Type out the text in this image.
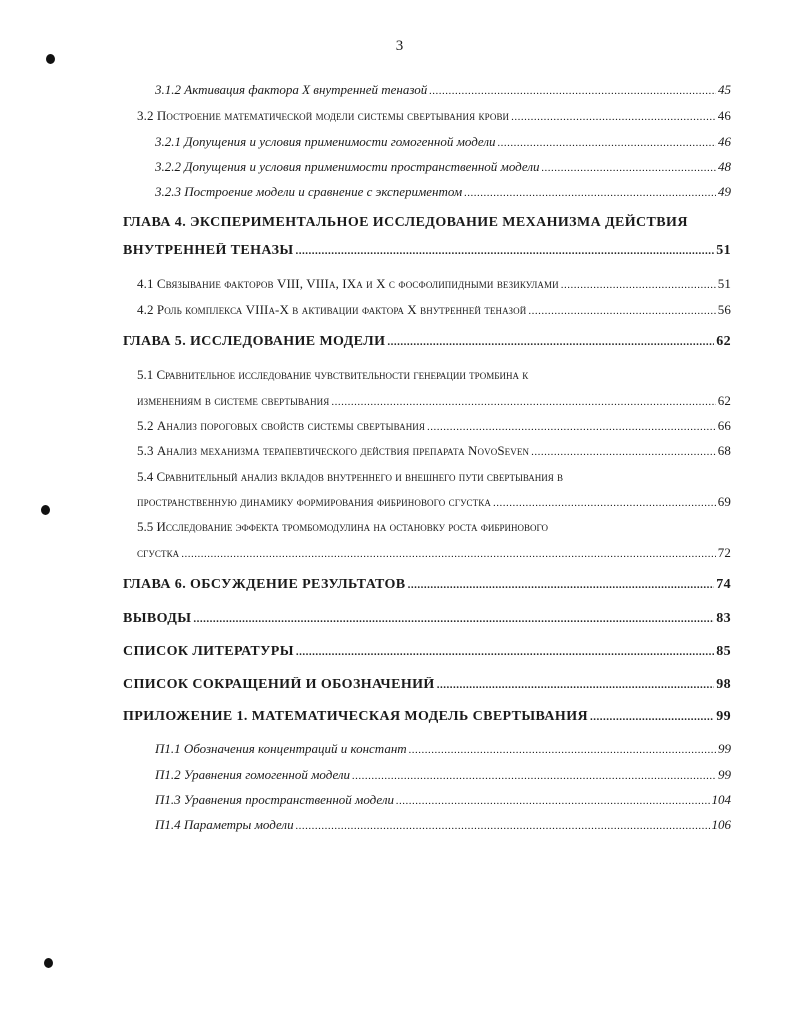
3
3.1.2 Активация фактора X внутренней теназой .....	45
3.2 Построение математической модели системы свертывания крови .....	46
3.2.1 Допущения и условия применимости гомогенной модели .....	46
3.2.2 Допущения и условия применимости пространственной модели .....	48
3.2.3 Построение модели и сравнение с экспериментом .....	49
ГЛАВА 4. ЭКСПЕРИМЕНТАЛЬНОЕ ИССЛЕДОВАНИЕ МЕХАНИЗМА ДЕЙСТВИЯ
ВНУТРЕННЕЙ ТЕНАЗЫ .....	51
4.1 Связывание факторов VIII, VIIIa, IXa и X с фосфолипидными везикулами .....	51
4.2 Роль комплекса VIIIa-X в активации фактора X внутренней теназой .....	56
ГЛАВА 5. ИССЛЕДОВАНИЕ МОДЕЛИ .....	62
5.1 Сравнительное исследование чувствительности генерации тромбина к
изменениям в системе свертывания .....	62
5.2 Анализ пороговых свойств системы свертывания .....	66
5.3 Анализ механизма терапевтического действия препарата NovoSeven .....	68
5.4 Сравнительный анализ вкладов внутреннего и внешнего пути свертывания в
пространственную динамику формирования фибринового сгустка .....	69
5.5 Исследование эффекта тромбомодулина на остановку роста фибринового
сгустка .....	72
ГЛАВА 6. ОБСУЖДЕНИЕ РЕЗУЛЬТАТОВ .....	74
ВЫВОДЫ .....	83
СПИСОК ЛИТЕРАТУРЫ .....	85
СПИСОК СОКРАЩЕНИЙ И ОБОЗНАЧЕНИЙ .....	98
ПРИЛОЖЕНИЕ 1. МАТЕМАТИЧЕСКАЯ МОДЕЛЬ СВЕРТЫВАНИЯ .....	99
П1.1 Обозначения концентраций и констант .....	99
П1.2 Уравнения гомогенной модели .....	99
П1.3 Уравнения пространственной модели .....	104
П1.4 Параметры модели .....	106
